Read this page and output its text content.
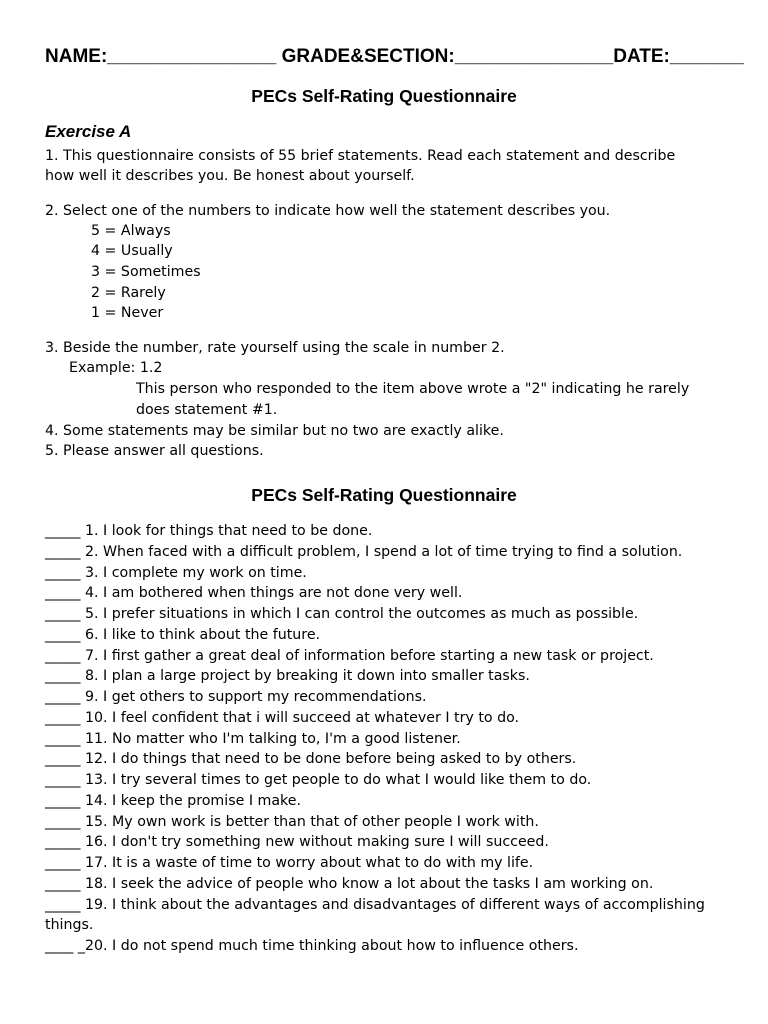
NAME:________________ GRADE&SECTION:_______________DATE:_______
PECs Self-Rating Questionnaire
Exercise A
1. This questionnaire consists of 55 brief statements. Read each statement and describe
how well it describes you. Be honest about yourself.
2. Select one of the numbers to indicate how well the statement describes you.
5 = Always
4 = Usually
3 = Sometimes
2 = Rarely
1 = Never
3. Beside the number, rate yourself using the scale in number 2.
Example: 1.2
This person who responded to the item above wrote a "2" indicating he rarely
does statement #1.
4. Some statements may be similar but no two are exactly alike.
5. Please answer all questions.
PECs Self-Rating Questionnaire
_____ 1. I look for things that need to be done.
_____ 2. When faced with a difficult problem, I spend a lot of time trying to find a solution.
_____ 3. I complete my work on time.
_____ 4. I am bothered when things are not done very well.
_____ 5. I prefer situations in which I can control the outcomes as much as possible.
_____ 6. I like to think about the future.
_____ 7. I first gather a great deal of information before starting a new task or project.
_____ 8. I plan a large project by breaking it down into smaller tasks.
_____ 9. I get others to support my recommendations.
_____ 10. I feel confident that i will succeed at whatever I try to do.
_____ 11. No matter who I'm talking to, I'm a good listener.
_____ 12. I do things that need to be done before being asked to by others.
_____ 13. I try several times to get people to do what I would like them to do.
_____ 14. I keep the promise I make.
_____ 15. My own work is better than that of other people I work with.
_____ 16. I don't try something new without making sure I will succeed.
_____ 17. It is a waste of time to worry about what to do with my life.
_____ 18. I seek the advice of people who know a lot about the tasks I am working on.
_____ 19. I think about the advantages and disadvantages of different ways of accomplishing things.
____ _20. I do not spend much time thinking about how to influence others.
